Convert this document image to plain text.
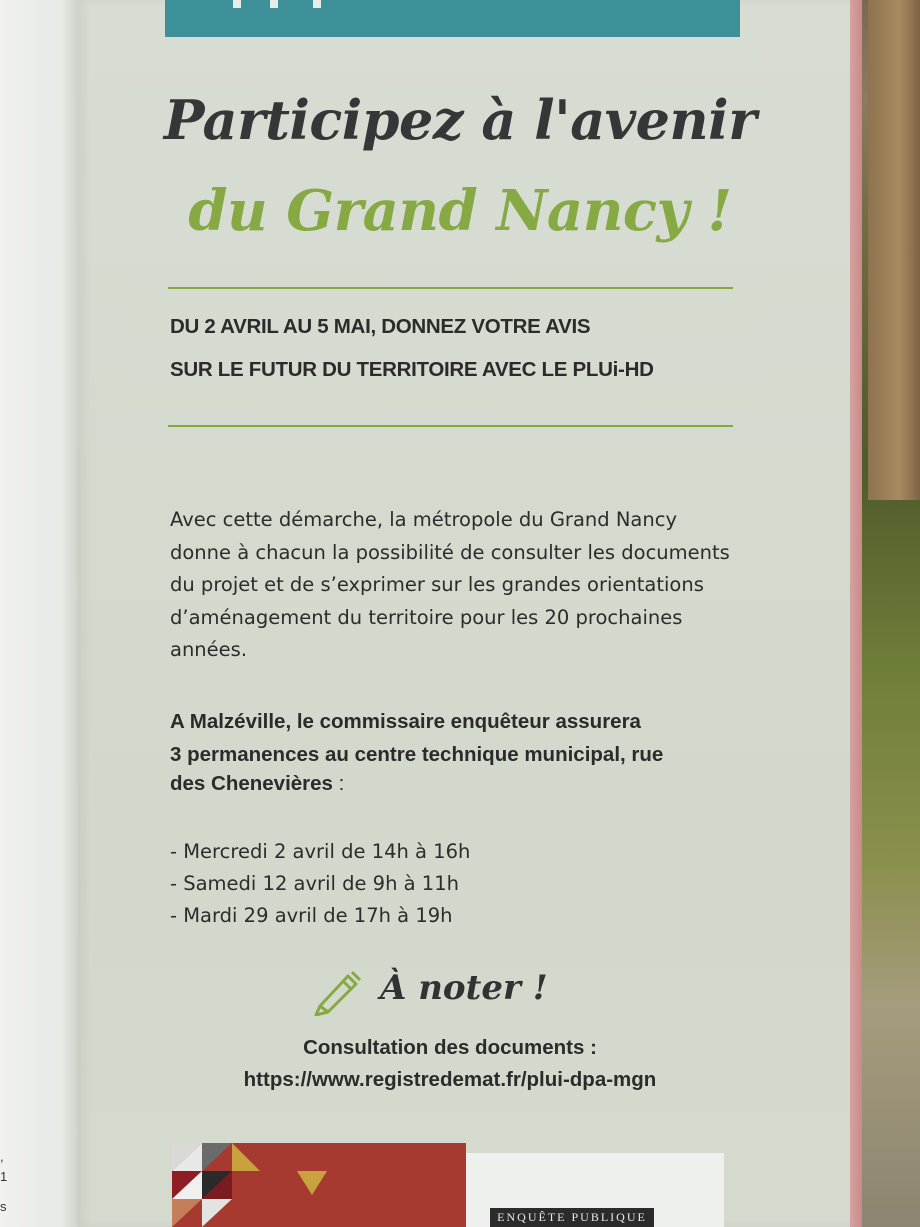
,
1
s
Participez à l'avenir
du Grand Nancy !
DU 2 AVRIL AU 5 MAI, DONNEZ VOTRE AVIS
SUR LE FUTUR DU TERRITOIRE AVEC LE PLUi-HD
Avec cette démarche, la métropole du Grand Nancy donne à chacun la possibilité de consulter les documents du projet et de s’exprimer sur les grandes orientations d’aménagement du territoire pour les 20 prochaines années.
A Malzéville, le commissaire enquêteur assurera
3 permanences au centre technique municipal, rue
des Chenevières :
- Mercredi 2 avril de 14h à 16h
- Samedi 12 avril de 9h à 11h
- Mardi 29 avril de 17h à 19h
À noter !
Consultation des documents :
https://www.registredemat.fr/plui-dpa-mgn
ENQUÊTE PUBLIQUE
